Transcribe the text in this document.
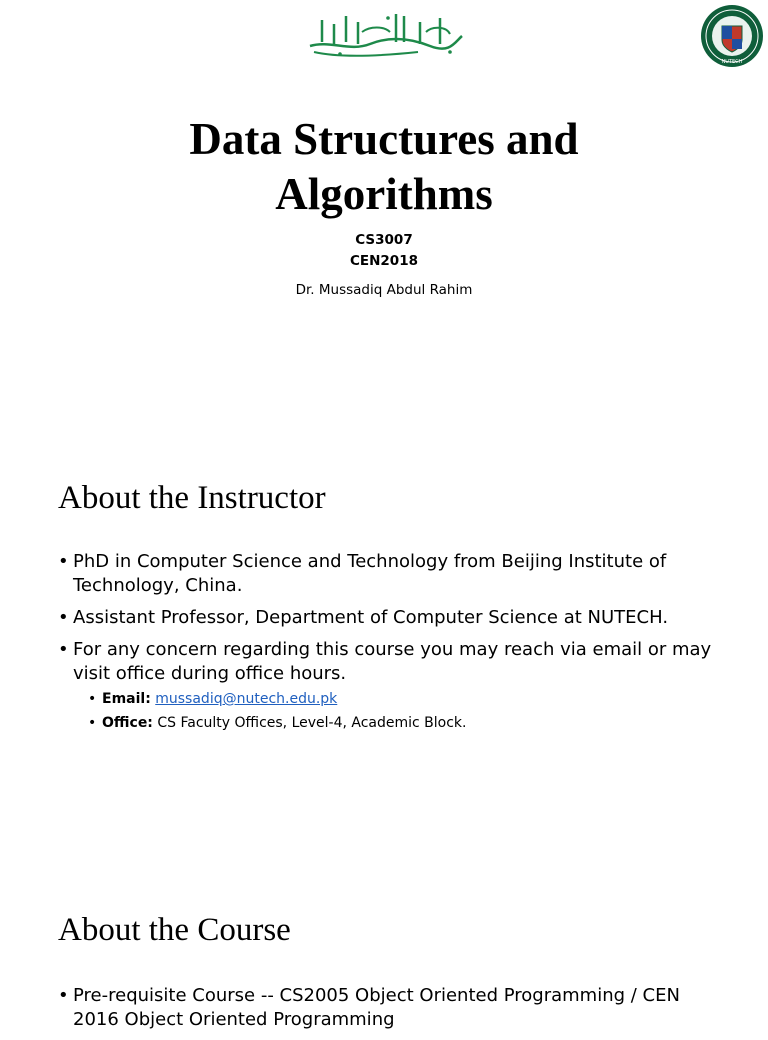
NUTECH
Data Structures and Algorithms
CS3007
CEN2018
Dr. Mussadiq Abdul Rahim
About the Instructor
• PhD in Computer Science and Technology from Beijing Institute of Technology, China.
• Assistant Professor, Department of Computer Science at NUTECH.
• For any concern regarding this course you may reach via email or may visit office during office hours.
• Email: mussadiq@nutech.edu.pk
• Office: CS Faculty Offices, Level-4, Academic Block.
About the Course
• Pre-requisite Course -- CS2005 Object Oriented Programming / CEN 2016 Object Oriented Programming
